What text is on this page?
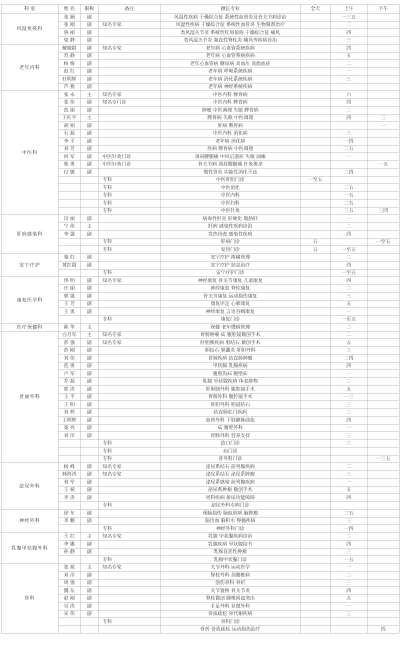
科 室	姓 名	职称	备注	擅长专业	全天	上午	下午
风湿免疫科	张 娴	副		风湿性疾病 干燥综合征 系统性血管炎及骨关节病诊治		一三五	
	张 刚	副	知名专家	风湿性疾病 干燥综合征 系统性血管炎 生物制剂治疗		二	
	鲁 丽	副		类风湿关节炎 系统性红斑狼疮 干燥综合征 痛风		四	
	梁 静	副		类风湿关节炎 强直性脊柱炎 痛风等疾病诊治		三	
老年内科	戴晓群	副	知名专家	老年病 心血管系统疾病		四	
	苏 静	副		老年病 心血管系统疾病		五	
	杨 梅	副		老年心血管病 糖尿病 高血压 高脂血症		二	
	赵 红	副		老年病 呼吸系统疾病		一	
	杜明辉	副		老年病 消化系统疾病		三	
	芦 燕	副		老年病 神经系统疾病			
中医科	张 永	主	知名专家	中医内科 脾胃病		六	
	张 伟	副	知名专门诊	中医内科 脾胃病		四	
	范 丽	副		肿瘤 中医调理 失眠 脾胃病		二	
	王红平	主		脾胃病 失眠 中医调理		四	三
	胡 娟	副		肝病 脾胃病			一
	石 磊	副		中医内科 消化病		三	
	李 平	副		老年病 消化病		一四	
	刘 芳	副		肝病 脾胃病 中医调理		二五	
	何 军	副	中医针灸门诊	颈肩腰腿痛 中风后遗症 失眠 面瘫		一	
	蔡 勇	副	中医针灸门诊	骨关节病 颈肩腰腿痛 针灸推拿			一五
	付 敏	副		慢性胃炎 功能性消化不良		二四	
			专科	中医肝胆门诊	一至五		
			专科	中医消化		二五	
			专科	中医内科		一五	
			专科	中医妇科		二五	
			专科	中医针灸		三五	三四
肝病感染科	闫 丽	副		病毒性肝炎 肝硬化 脂肪肝		一	
	宁 伟	主		肝病 感染性疾病诊治		二	
	李 强	副		发热待查 感染性疾病		四	
			专科	肝病门诊	五		一至五
			专科	发热门诊	五	一至五	
安宁疗护	秦 红	副		安宁疗护 疼痛管理		二	
	黄红霞	副		安宁疗护 姑息治疗		四	
			专科	安宁疗护门诊		一至五	
康复医学科	佟 明	副	知名专家	神经康复 骨关节康复 儿童康复		四	
	庄 丽	副		神经康复 脊柱康复		二	
	郭 强	副		骨关节康复 运动损伤康复		三	
	王 芳	副		康复评定 心肺康复		五	
	王 勇	副		神经康复 言语吞咽康复		一	
			专科	康复门诊		一至五	
医疗保健科	陈 华	主		保健 老年慢病管理		二	
普通外科	白月军	主	知名专家	胃肠肿瘤 疝 腹腔镜微创手术		二	
	彭 强	副	知名专家	肝胆胰疾病 胆结石 微创手术		五	
	彭 刚	副		胆结石 胆囊炎 肝胆外科		三	
	刘 伟	副		胃肠疾病 结直肠肿瘤		二四	
	范 勇	副		甲状腺 乳腺疾病		四	
	卢 军	副		腹股沟疝 腹壁疝		一	
	乔 磊	副		乳腺 甲状腺疾病 体表肿物		二	
	郭 涛	副		肝胆胰外科 腹腔镜手术		五	
	王 平	副		胃肠外科 腹腔镜手术		一三	
	王 明	副		肝胆外科 胆道结石		三	
	刘 辉	副		结直肠肛门疾病		二	
	王明辉	副		血管外科 下肢静脉曲张		四	
	秦 亮	副		疝 腹壁外科		一	
	刘 洋	副		胃肠外科 营养支持		三	
			专科	造口门诊		三	
			专科	疝门诊			
			专科	普外科门诊			一三五
泌尿外科	杨 峰	副	知名专家	泌尿系结石 前列腺疾病		二	
	林海涛	副	知名专家	泌尿系结石 泌尿系肿瘤		三	
	刘 军	副		泌尿系感染 前列腺疾病		一	
	王 斌	副		泌尿系肿瘤 微创手术		五	
	李 涛	副		男科疾病 排尿功能障碍		四	
			专科	泌尿外科专病门诊			
神经外科	徐 东	副		颅脑损伤 脑血管病 脑肿瘤		二五	
	李 鹏	副		脑出血 脑积水 脊髓疾病		三	
			专科	神经外科门诊		一四	
乳腺甲状腺外科	王 红	主	知名专家	乳腺 甲状腺疾病诊治		二	
	李 娜	副		乳腺疾病 甲状腺结节		四	
	孙 静	副		乳腺良恶性肿瘤		三	
			专科	乳腺甲状腺门诊		一五	
骨科	张 斌	主	知名专家	关节外科 运动医学		一	
	刘 洋	副		脊柱外科 颈腰椎病		二	
	周 强	副		创伤骨科 骨折		三	
	魏 东	副		关节置换 骨关节炎		四	
	赵 刚	副		脊柱微创 腰椎间盘突出		五	
	吴 涛	副		手足外科 显微外科		一	
	宋 伟	副		骨质疏松 骨代谢疾病		三	
			专科	骨科门诊			
				骨折 骨质疏松 运动损伤治疗			四
